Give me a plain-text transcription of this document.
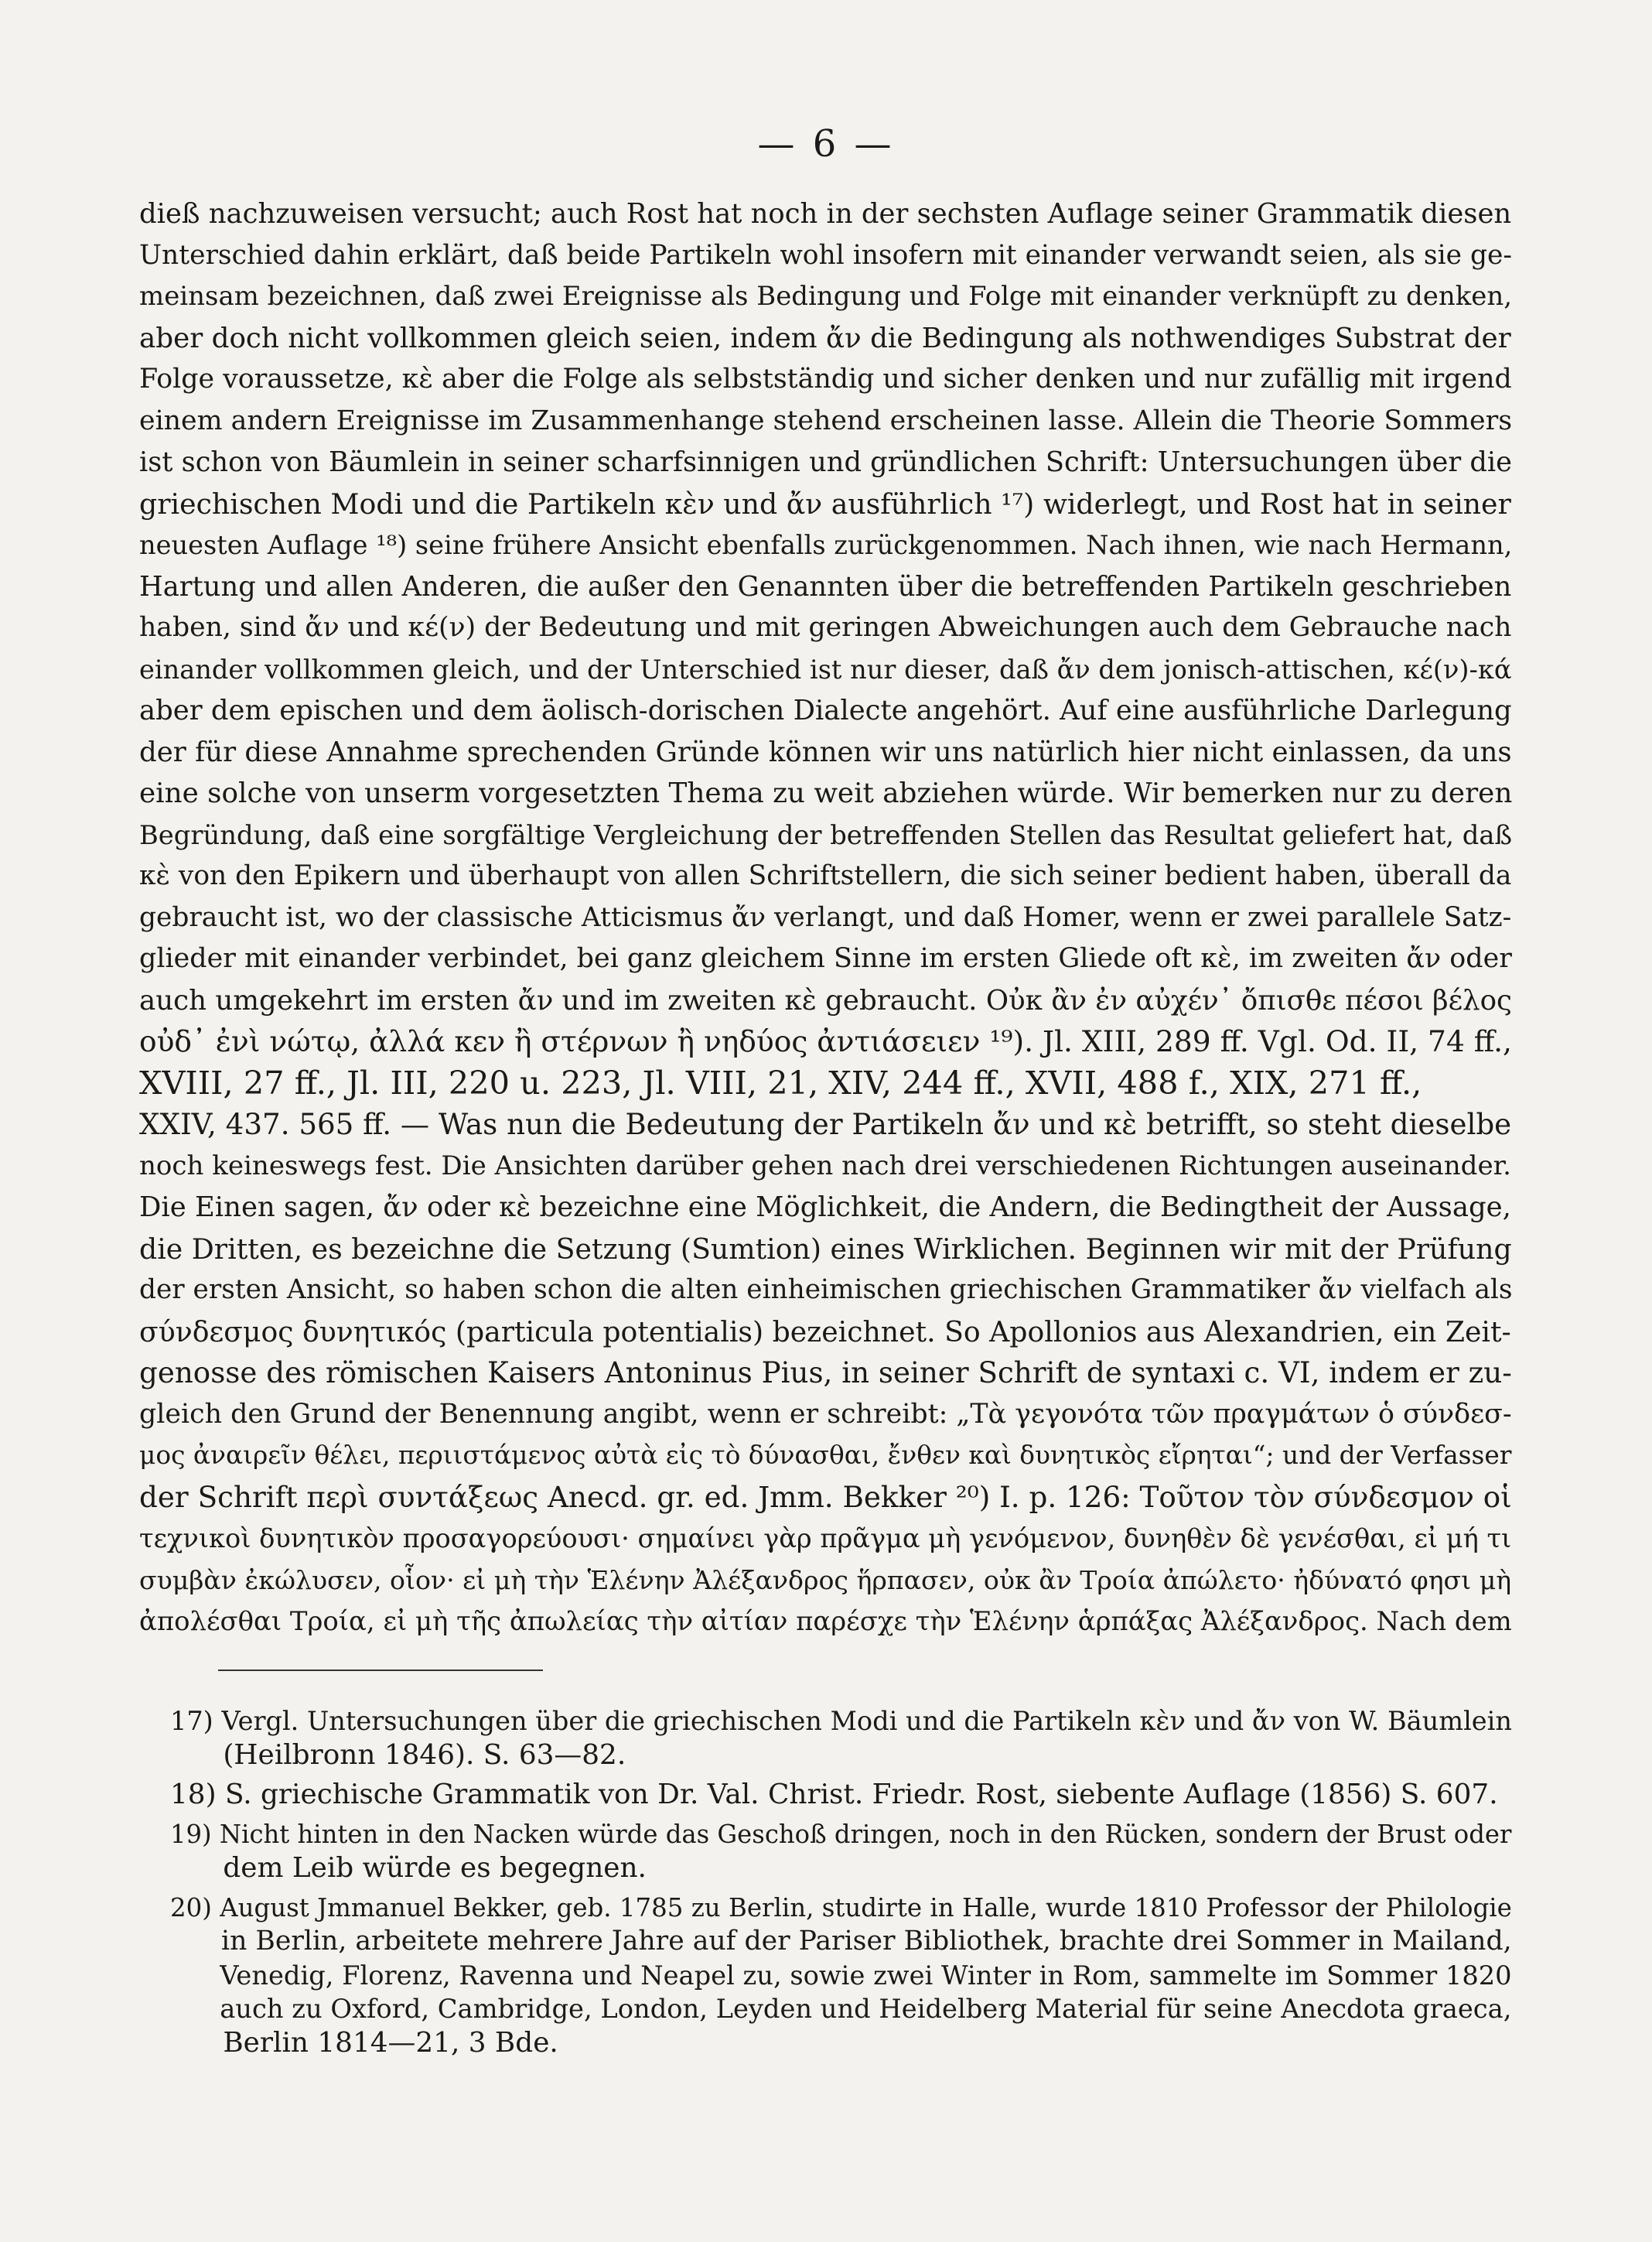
— 6 —
dieß nachzuweisen versucht; auch Rost hat noch in der sechsten Auflage seiner Grammatik diesen
Unterschied dahin erklärt, daß beide Partikeln wohl insofern mit einander verwandt seien, als sie ge-
meinsam bezeichnen, daß zwei Ereignisse als Bedingung und Folge mit einander verknüpft zu denken,
aber doch nicht vollkommen gleich seien, indem ἄν die Bedingung als nothwendiges Substrat der
Folge voraussetze, κὲ aber die Folge als selbstständig und sicher denken und nur zufällig mit irgend
einem andern Ereignisse im Zusammenhange stehend erscheinen lasse. Allein die Theorie Sommers
ist schon von Bäumlein in seiner scharfsinnigen und gründlichen Schrift: Untersuchungen über die
griechischen Modi und die Partikeln κὲν und ἄν ausführlich ¹⁷) widerlegt, und Rost hat in seiner
neuesten Auflage ¹⁸) seine frühere Ansicht ebenfalls zurückgenommen. Nach ihnen, wie nach Hermann,
Hartung und allen Anderen, die außer den Genannten über die betreffenden Partikeln geschrieben
haben, sind ἄν und κέ(ν) der Bedeutung und mit geringen Abweichungen auch dem Gebrauche nach
einander vollkommen gleich, und der Unterschied ist nur dieser, daß ἄν dem jonisch-attischen, κέ(ν)-κά
aber dem epischen und dem äolisch-dorischen Dialecte angehört. Auf eine ausführliche Darlegung
der für diese Annahme sprechenden Gründe können wir uns natürlich hier nicht einlassen, da uns
eine solche von unserm vorgesetzten Thema zu weit abziehen würde. Wir bemerken nur zu deren
Begründung, daß eine sorgfältige Vergleichung der betreffenden Stellen das Resultat geliefert hat, daß
κὲ von den Epikern und überhaupt von allen Schriftstellern, die sich seiner bedient haben, überall da
gebraucht ist, wo der classische Atticismus ἄν verlangt, und daß Homer, wenn er zwei parallele Satz-
glieder mit einander verbindet, bei ganz gleichem Sinne im ersten Gliede oft κὲ, im zweiten ἄν oder
auch umgekehrt im ersten ἄν und im zweiten κὲ gebraucht. Οὐκ ἂν ἐν αὐχέν᾽ ὄπισθε πέσοι βέλος
οὐδ᾽ ἐνὶ νώτῳ, ἀλλά κεν ἢ στέρνων ἢ νηδύος ἀντιάσειεν ¹⁹). Jl. XIII, 289 ff. Vgl. Od. II, 74 ff.,
XVIII, 27 ff., Jl. III, 220 u. 223, Jl. VIII, 21, XIV, 244 ff., XVII, 488 f., XIX, 271 ff.,
XXIV, 437. 565 ff. — Was nun die Bedeutung der Partikeln ἄν und κὲ betrifft, so steht dieselbe
noch keineswegs fest. Die Ansichten darüber gehen nach drei verschiedenen Richtungen auseinander.
Die Einen sagen, ἄν oder κὲ bezeichne eine Möglichkeit, die Andern, die Bedingtheit der Aussage,
die Dritten, es bezeichne die Setzung (Sumtion) eines Wirklichen. Beginnen wir mit der Prüfung
der ersten Ansicht, so haben schon die alten einheimischen griechischen Grammatiker ἄν vielfach als
σύνδεσμος δυνητικός (particula potentialis) bezeichnet. So Apollonios aus Alexandrien, ein Zeit-
genosse des römischen Kaisers Antoninus Pius, in seiner Schrift de syntaxi c. VI, indem er zu-
gleich den Grund der Benennung angibt, wenn er schreibt: „Τὰ γεγονότα τῶν πραγμάτων ὁ σύνδεσ-
μος ἀναιρεῖν θέλει, περιιστάμενος αὐτὰ εἰς τὸ δύνασθαι, ἔνθεν καὶ δυνητικὸς εἴρηται“; und der Verfasser
der Schrift περὶ συντάξεως Anecd. gr. ed. Jmm. Bekker ²⁰) I. p. 126: Τοῦτον τὸν σύνδεσμον οἱ
τεχνικοὶ δυνητικὸν προσαγορεύουσι· σημαίνει γὰρ πρᾶγμα μὴ γενόμενον, δυνηθὲν δὲ γενέσθαι, εἰ μή τι
συμβὰν ἐκώλυσεν, οἷον· εἰ μὴ τὴν Ἑλένην Ἀλέξανδρος ἥρπασεν, οὐκ ἂν Τροία ἀπώλετο· ἠδύνατό φησι μὴ
ἀπολέσθαι Τροία, εἰ μὴ τῆς ἀπωλείας τὴν αἰτίαν παρέσχε τὴν Ἑλένην ἁρπάξας Ἀλέξανδρος. Nach dem
17) Vergl. Untersuchungen über die griechischen Modi und die Partikeln κὲν und ἄν von W. Bäumlein
(Heilbronn 1846). S. 63—82.
18) S. griechische Grammatik von Dr. Val. Christ. Friedr. Rost, siebente Auflage (1856) S. 607.
19) Nicht hinten in den Nacken würde das Geschoß dringen, noch in den Rücken, sondern der Brust oder
dem Leib würde es begegnen.
20) August Jmmanuel Bekker, geb. 1785 zu Berlin, studirte in Halle, wurde 1810 Professor der Philologie
in Berlin, arbeitete mehrere Jahre auf der Pariser Bibliothek, brachte drei Sommer in Mailand,
Venedig, Florenz, Ravenna und Neapel zu, sowie zwei Winter in Rom, sammelte im Sommer 1820
auch zu Oxford, Cambridge, London, Leyden und Heidelberg Material für seine Anecdota graeca,
Berlin 1814—21, 3 Bde.
